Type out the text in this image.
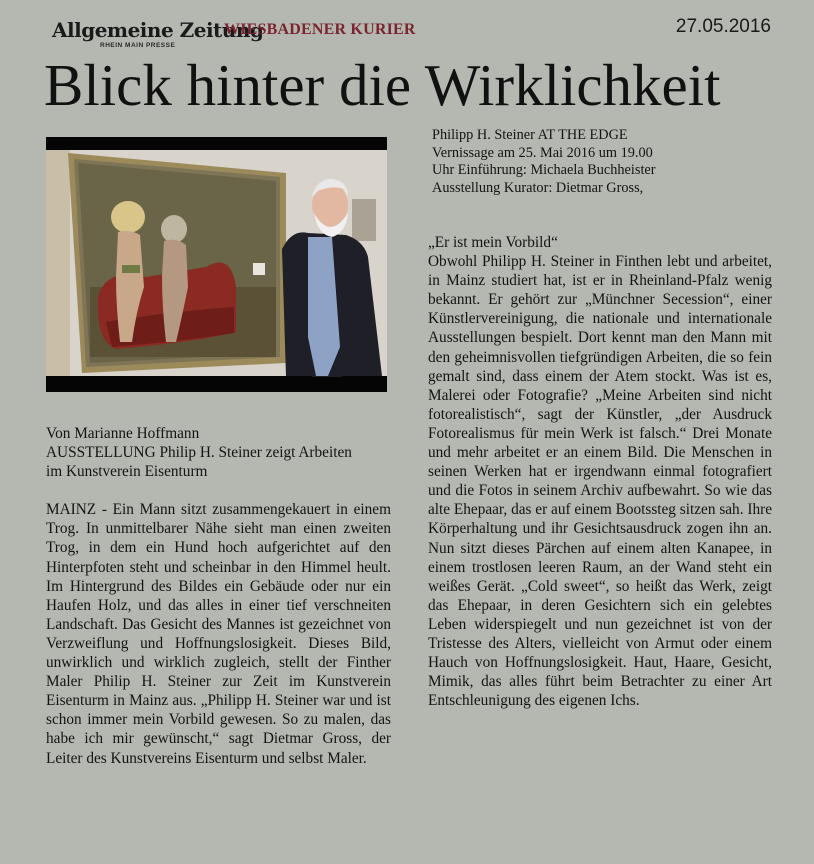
Allgemeine Zeitung
RHEIN MAIN PRESSE
WIESBADENER KURIER	27.05.2016
Blick hinter die Wirklichkeit
Philipp H. Steiner AT THE EDGE
Vernissage am 25. Mai 2016 um 19.00
Uhr Einführung: Michaela Buchheister
Ausstellung Kurator: Dietmar Gross,
Von Marianne Hoffmann
AUSSTELLUNG Philip H. Steiner zeigt Arbeiten
im Kunstverein Eisenturm

MAINZ - Ein Mann sitzt zusammengekauert in einem Trog. In unmittelbarer Nähe sieht man einen zweiten Trog, in dem ein Hund hoch aufgerichtet auf den Hinterpfoten steht und scheinbar in den Himmel heult. Im Hintergrund des Bildes ein Gebäude oder nur ein Haufen Holz, und das alles in einer tief verschneiten Landschaft. Das Gesicht des Mannes ist gezeichnet von Verzweiflung und Hoffnungslosigkeit. Dieses Bild, unwirklich und wirklich zugleich, stellt der Finther Maler Philip H. Steiner zur Zeit im Kunstverein Eisenturm in Mainz aus. „Philipp H. Steiner war und ist schon immer mein Vorbild gewesen. So zu malen, das habe ich mir gewünscht,“ sagt Dietmar Gross, der Leiter des Kunstvereins Eisenturm und selbst Maler.

„Er ist mein Vorbild“

Obwohl Philipp H. Steiner in Finthen lebt und arbeitet, in Mainz studiert hat, ist er in Rheinland-Pfalz wenig bekannt. Er gehört zur „Münchner Secession“, einer Künstlervereinigung, die nationale und internationale Ausstellungen bespielt. Dort kennt man den Mann mit den geheimnisvollen tiefgründigen Arbeiten, die so fein gemalt sind, dass einem der Atem stockt. Was ist es, Malerei oder Fotografie? „Meine Arbeiten sind nicht fotorealistisch“, sagt der Künstler, „der Ausdruck Fotorealismus für mein Werk ist falsch.“ Drei Monate und mehr arbeitet er an einem Bild. Die Menschen in seinen Werken hat er irgendwann einmal fotografiert und die Fotos in seinem Archiv aufbewahrt. So wie das alte Ehepaar, das er auf einem Bootssteg sitzen sah. Ihre Körperhaltung und ihr Gesichtsausdruck zogen ihn an. Nun sitzt dieses Pärchen auf einem alten Kanapee, in einem trostlosen leeren Raum, an der Wand steht ein weißes Gerät. „Cold sweet“, so heißt das Werk, zeigt das Ehepaar, in deren Gesichtern sich ein gelebtes Leben widerspiegelt und nun gezeichnet ist von der Tristesse des Alters, vielleicht von Armut oder einem Hauch von Hoffnungslosigkeit. Haut, Haare, Gesicht, Mimik, das alles führt beim Betrachter zu einer Art Entschleunigung des eigenen Ichs.
